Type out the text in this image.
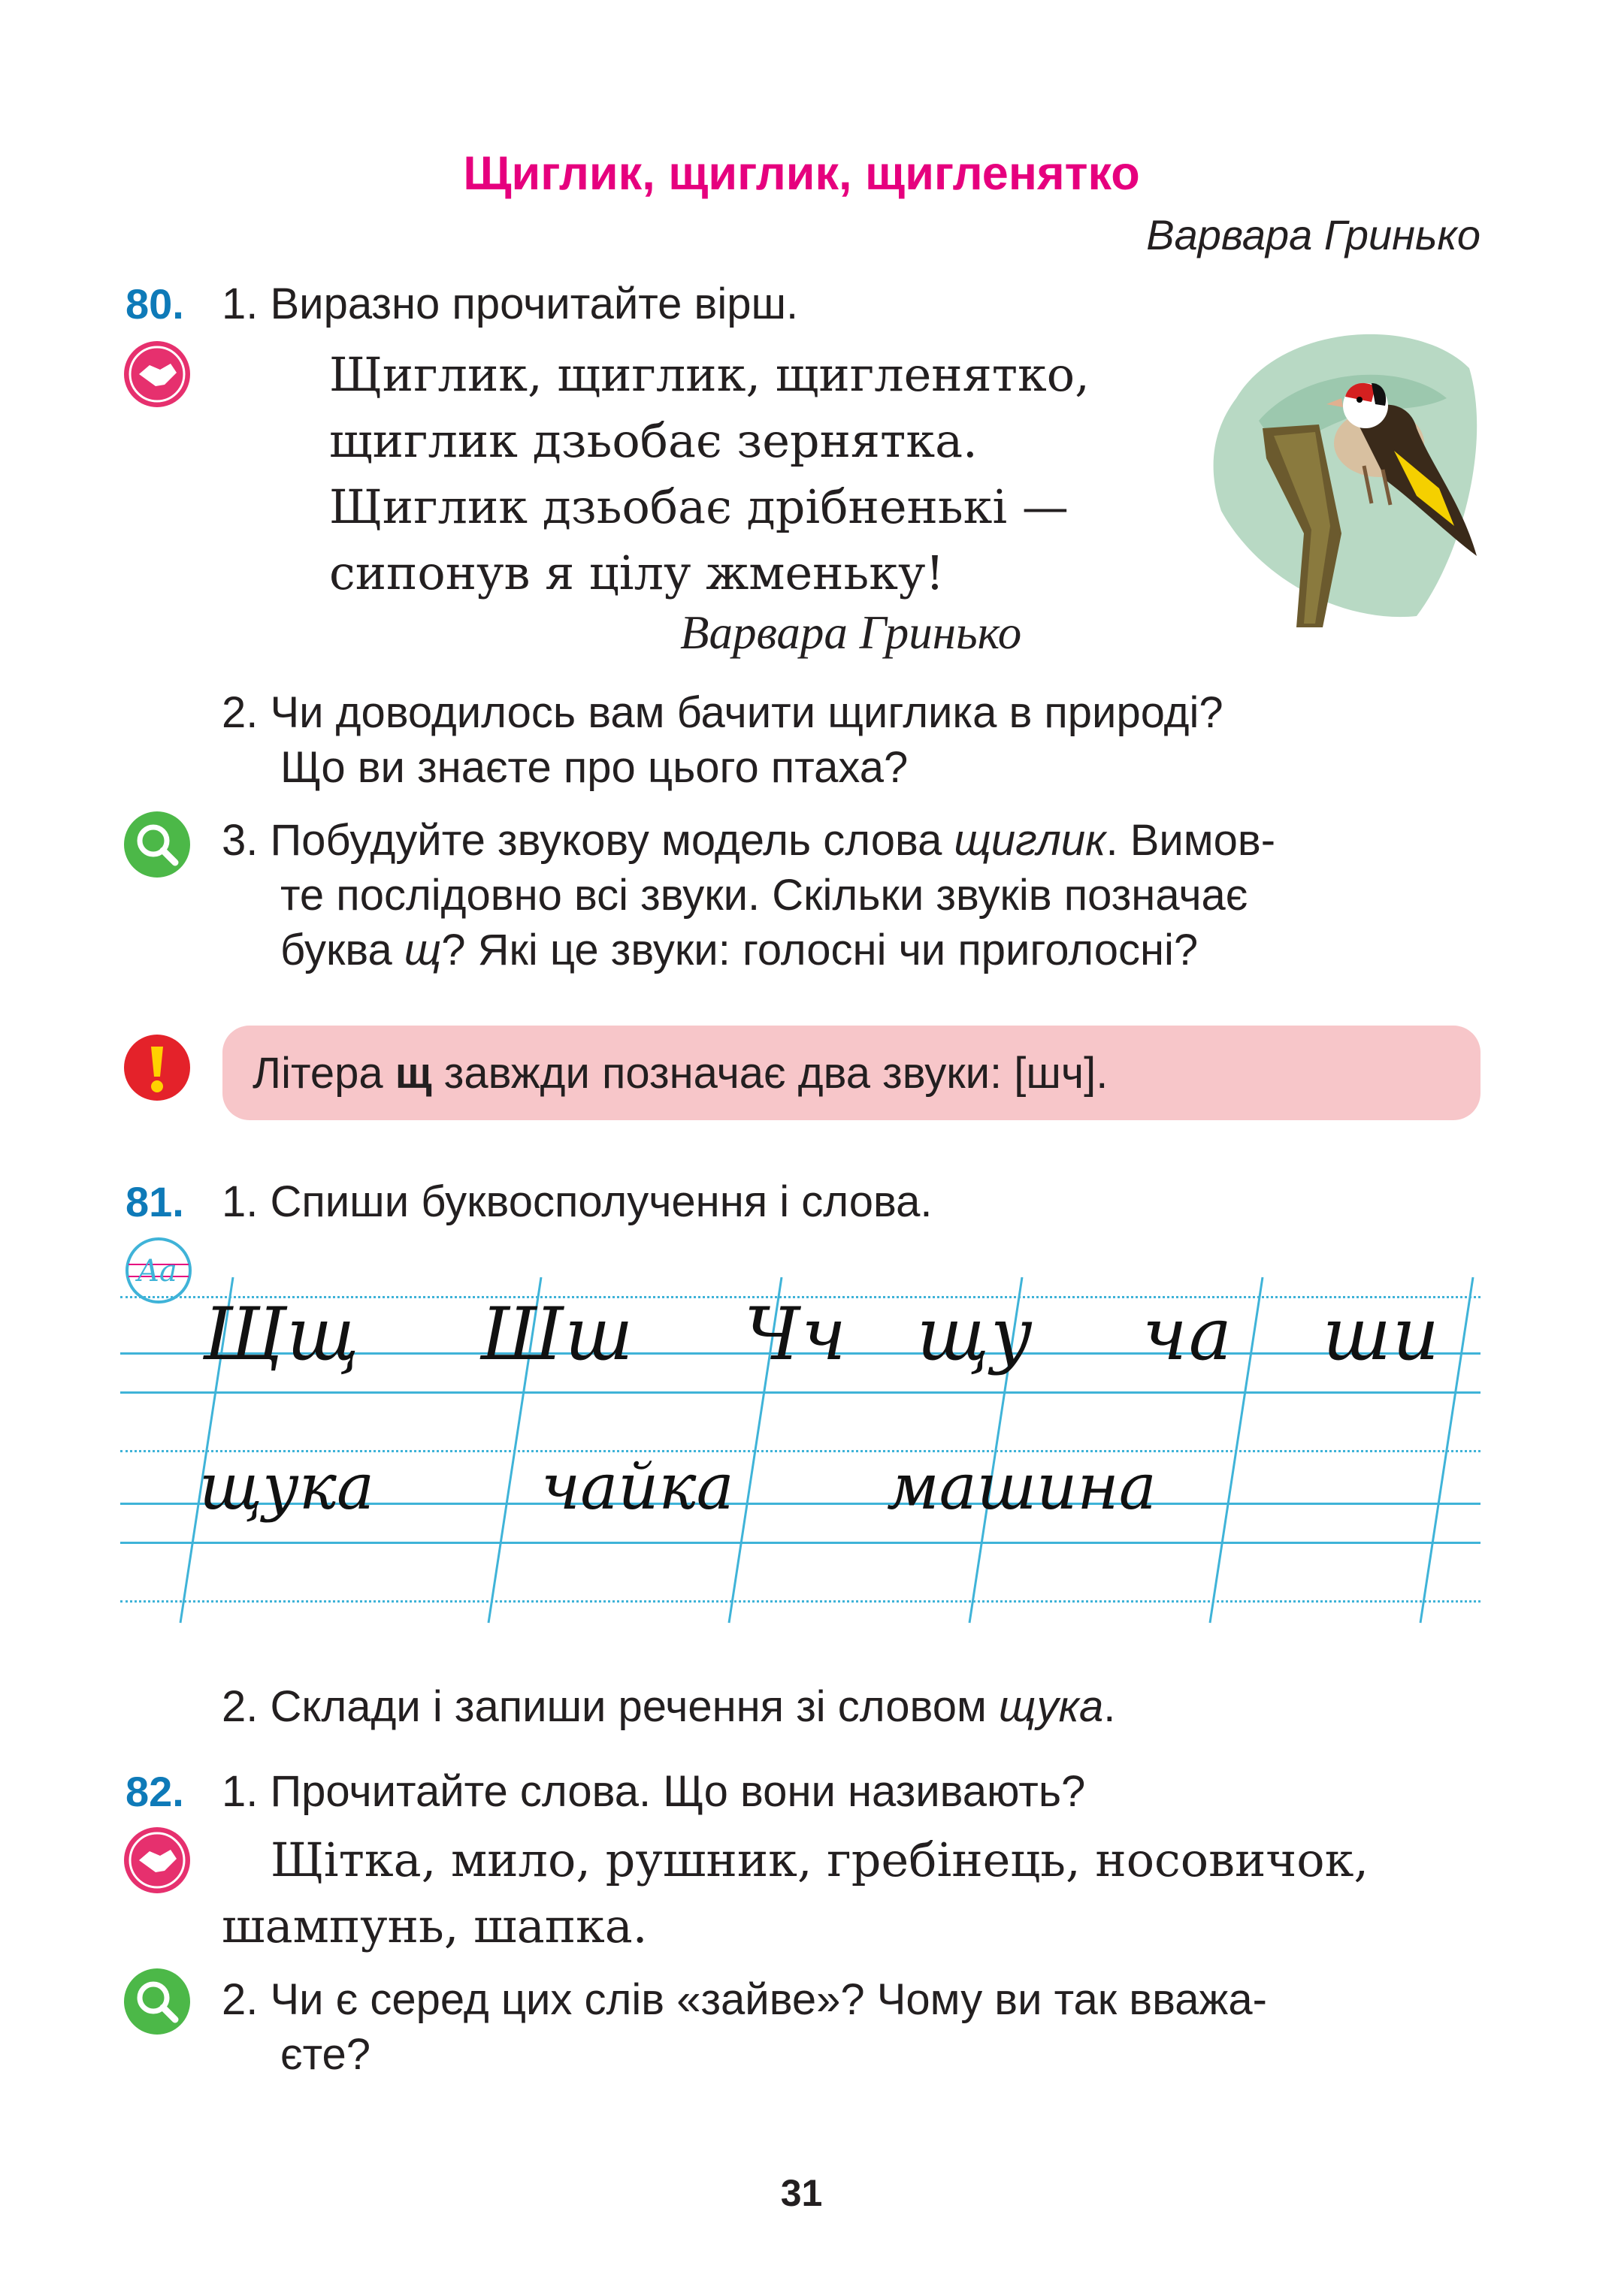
Щиглик, щиглик, щигленятко
Варвара Гринько
80. 1. Виразно прочитайте вірш.
Щиглик, щиглик, щигленятко,
щиглик дзьобає зернятка.
Щиглик дзьобає дрібненькі —
сипонув я цілу жменьку!
Варвара Гринько
2. Чи доводилось вам бачити щиглика в природі?
Що ви знаєте про цього птаха?
3. Побудуйте звукову модель слова щиглик. Вимов-
те послідовно всі звуки. Скільки звуків позначає
буква щ? Які це звуки: голосні чи приголосні?
Літера щ завжди позначає два звуки: [шч].
81. 1. Спиши буквосполучення і слова.
Aa
Щщ Шш Чч щу ча ши
щука	чайка машина
2. Склади і запиши речення зі словом щука.
82. 1. Прочитайте слова. Що вони називають?
Щітка, мило, рушник, гребінець, носовичок,
шампунь, шапка.
2. Чи є серед цих слів «зайве»? Чому ви так вважа-
єте?
31
